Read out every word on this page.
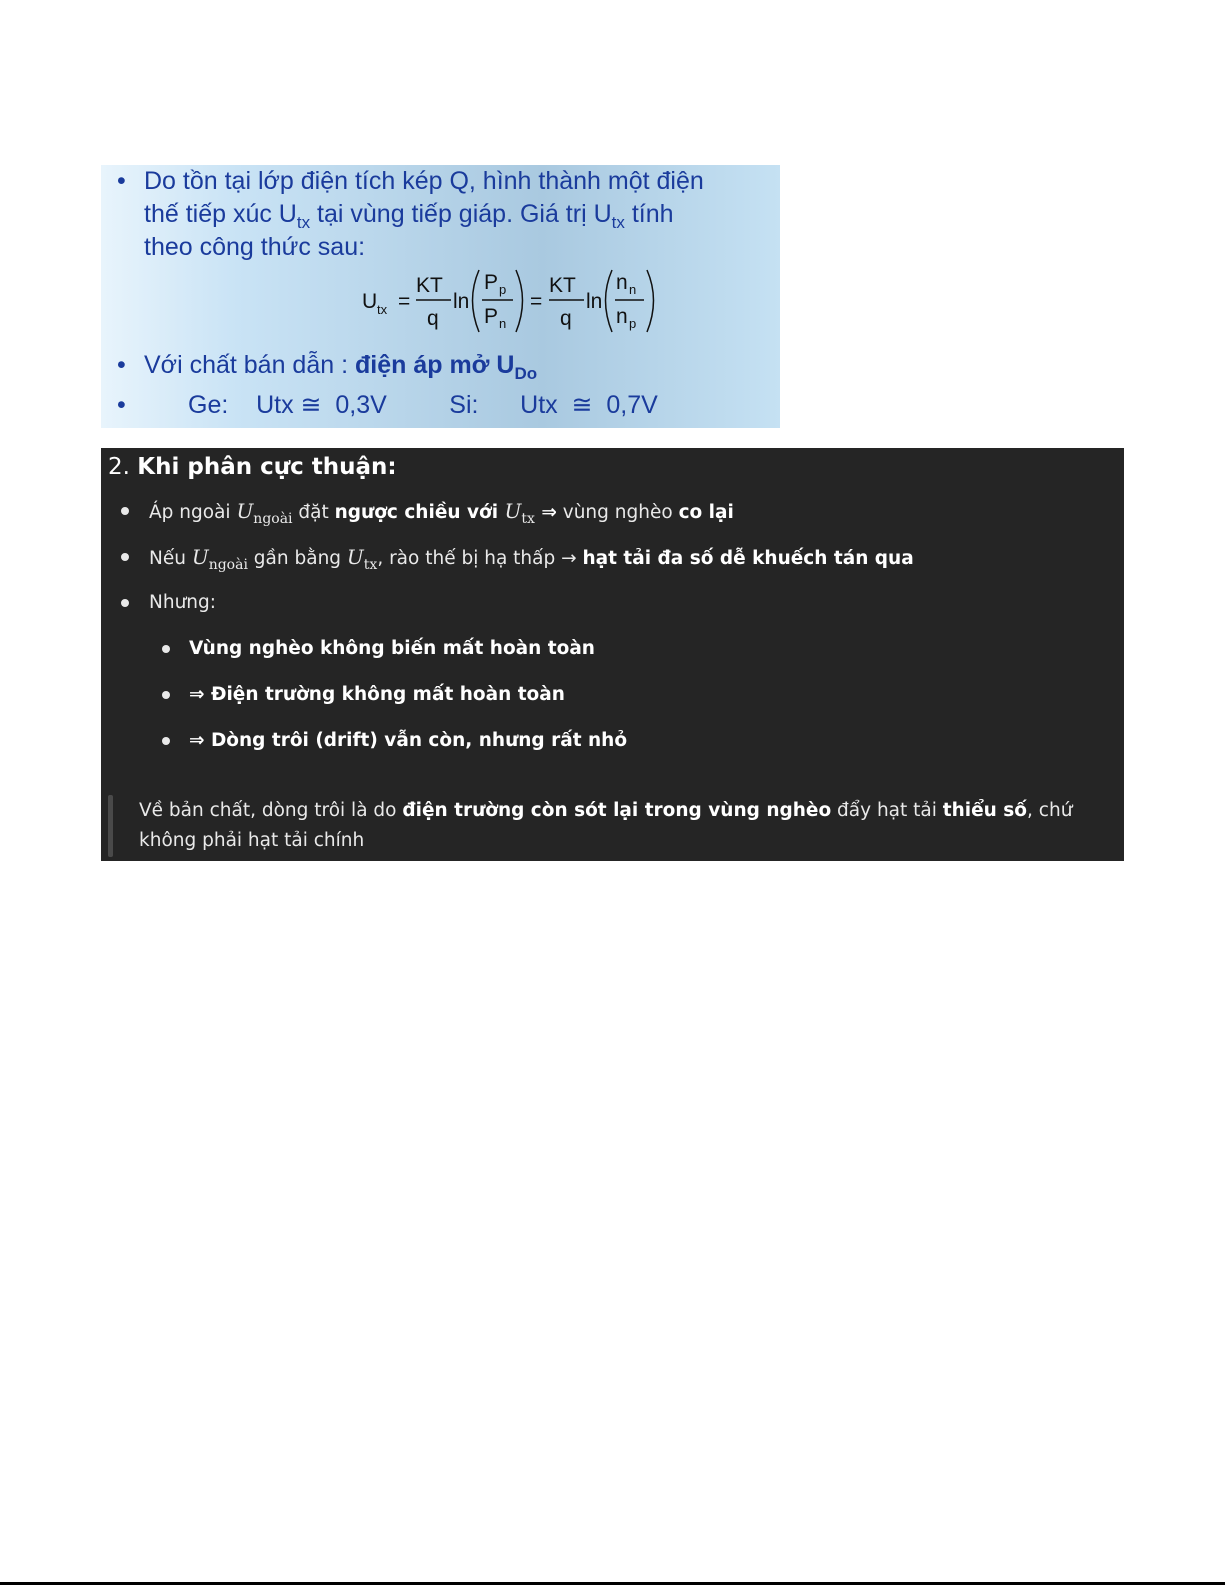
• Do tồn tại lớp điện tích kép Q, hình thành một điện
thế tiếp xúc $U_{tx}$ tại vùng tiếp giáp. Giá trị $U_{tx}$ tính
theo công thức sau:
U tx =
KT
q
ln
P p
P n
=
KT
q
ln
n n
n p
• Với chất bán dẫn : điện áp mở $U_{Do}$
• Ge:    Utx ≅  0,3V         Si:      Utx  ≅  0,7V
2. Khi phân cực thuận:
Áp ngoài $U_{ngoài}$ đặt ngược chiều với $U_{tx}$ ⇒ vùng nghèo co lại
Nếu $U_{ngoài}$ gần bằng $U_{tx}$, rào thế bị hạ thấp → hạt tải đa số dễ khuếch tán qua
Nhưng:
Vùng nghèo không biến mất hoàn toàn
⇒ Điện trường không mất hoàn toàn
⇒ Dòng trôi (drift) vẫn còn, nhưng rất nhỏ
Về bản chất, dòng trôi là do điện trường còn sót lại trong vùng nghèo đẩy hạt tải thiểu số, chứ không phải hạt tải chính
